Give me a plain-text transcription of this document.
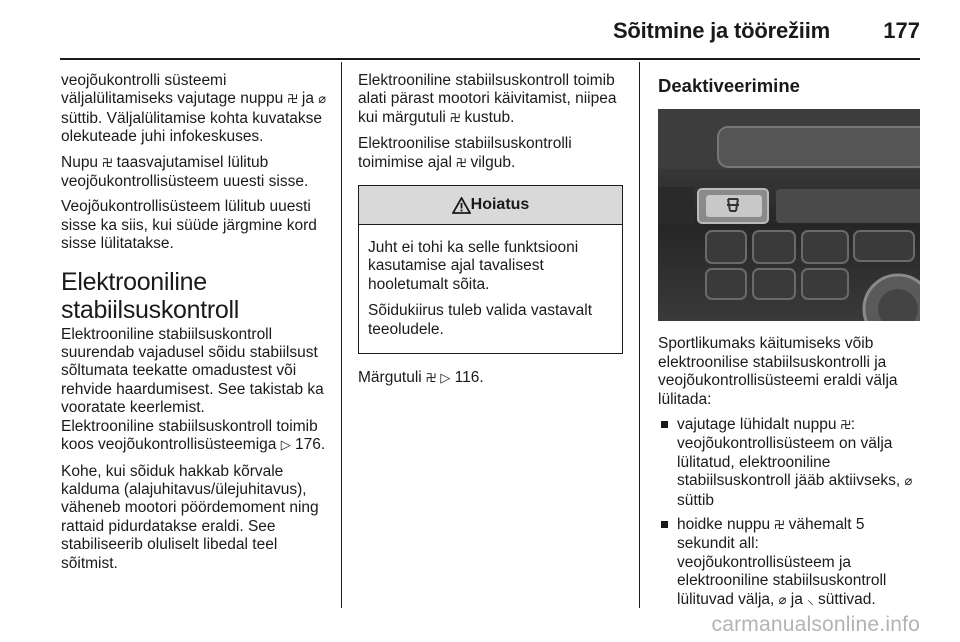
Sõitmine ja töörežiim 177

veojõukontrolli süsteemi väljalülitamiseks vajutage nuppu ࿖ ja ⌀ süttib. Väljalülitamise kohta kuvatakse olekuteade juhi infokeskuses.

Nupu ࿖ taasvajutamisel lülitub veojõukontrollisüsteem uuesti sisse.

Veojõukontrollisüsteem lülitub uuesti sisse ka siis, kui süüde järgmine kord sisse lülitatakse.

Elektrooniline stabiilsuskontroll

Elektrooniline stabiilsuskontroll suurendab vajadusel sõidu stabiilsust sõltumata teekatte omadustest või rehvide haardumisest. See takistab ka vooratate keerlemist.

Elektrooniline stabiilsuskontroll toimib koos veojõukontrollisüsteemiga ▷ 176.

Kohe, kui sõiduk hakkab kõrvale kalduma (alajuhitavus/ülejuhitavus), väheneb mootori pöördemoment ning rattaid pidurdatakse eraldi. See stabiliseerib oluliselt libedal teel sõitmist.

Elektrooniline stabiilsuskontroll toimib alati pärast mootori käivitamist, niipea kui märgutuli ࿖ kustub.

Elektroonilise stabiilsuskontrolli toimimise ajal ࿖ vilgub.

Hoiatus

Juht ei tohi ka selle funktsiooni kasutamise ajal tavalisest hooletumalt sõita.

Sõidukiirus tuleb valida vastavalt teeoludele.

Märgutuli ࿖ ▷ 116.

Deaktiveerimine

Sportlikumaks käitumiseks võib elektroonilise stabiilsuskontrolli ja veojõukontrollisüsteemi eraldi välja lülitada:

vajutage lühidalt nuppu ࿖: veojõukontrollisüsteem on välja lülitatud, elektrooniline stabiilsuskontroll jääb aktiivseks, ⌀ süttib
hoidke nuppu ࿖ vähemalt 5 sekundit all: veojõukontrollisüsteem ja elektrooniline stabiilsuskontroll lülituvad välja, ⌀ ja ⸜ süttivad.
carmanualsonline.info
